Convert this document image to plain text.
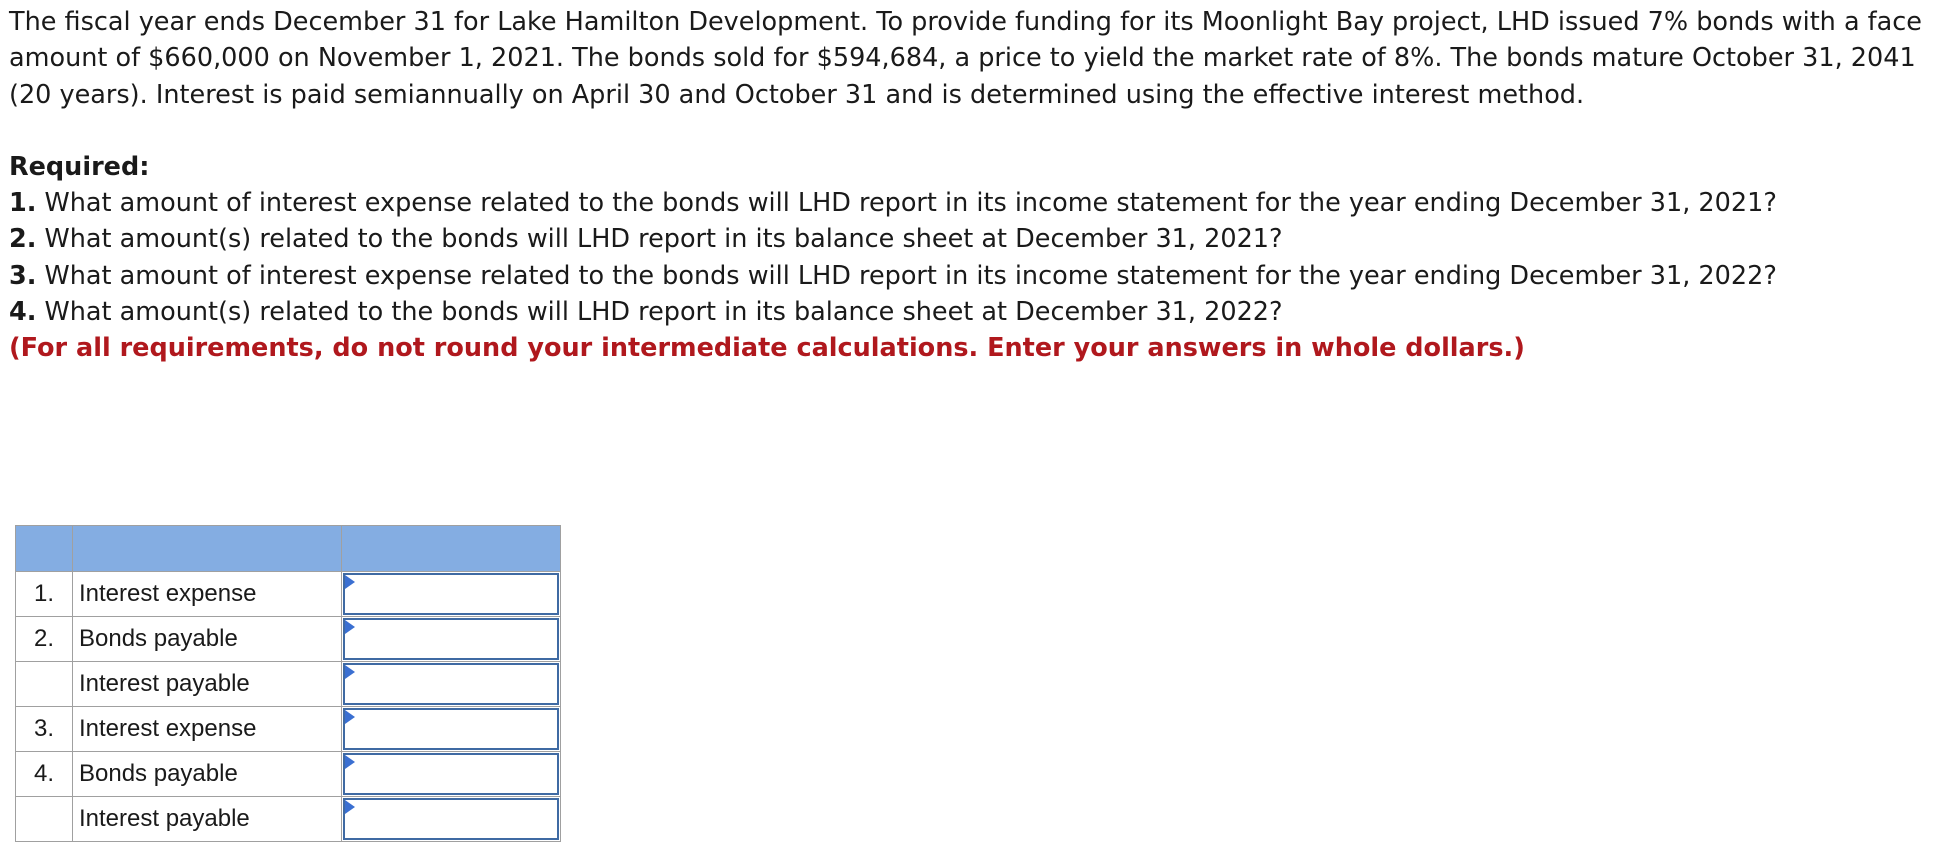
The fiscal year ends December 31 for Lake Hamilton Development. To provide funding for its Moonlight Bay project, LHD issued 7% bonds with a face amount of $660,000 on November 1, 2021. The bonds sold for $594,684, a price to yield the market rate of 8%. The bonds mature October 31, 2041 (20 years). Interest is paid semiannually on April 30 and October 31 and is determined using the effective interest method.

Required:

1. What amount of interest expense related to the bonds will LHD report in its income statement for the year ending December 31, 2021?

2. What amount(s) related to the bonds will LHD report in its balance sheet at December 31, 2021?

3. What amount of interest expense related to the bonds will LHD report in its income statement for the year ending December 31, 2022?

4. What amount(s) related to the bonds will LHD report in its balance sheet at December 31, 2022?

(For all requirements, do not round your intermediate calculations. Enter your answers in whole dollars.)

1.	Interest expense	

2.	Bonds payable	

	Interest payable	

3.	Interest expense	

4.	Bonds payable	

	Interest payable	
